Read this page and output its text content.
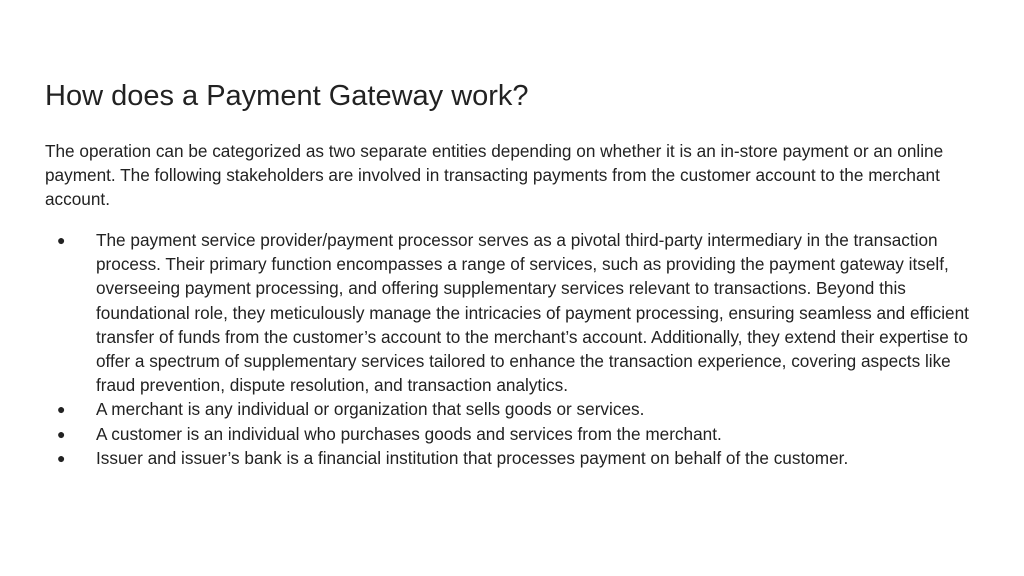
How does a Payment Gateway work?

The operation can be categorized as two separate entities depending on whether it is an in-store payment or an online payment. The following stakeholders are involved in transacting payments from the customer account to the merchant account.

● The payment service provider/payment processor serves as a pivotal third-party intermediary in the transaction process. Their primary function encompasses a range of services, such as providing the payment gateway itself, overseeing payment processing, and offering supplementary services relevant to transactions. Beyond this foundational role, they meticulously manage the intricacies of payment processing, ensuring seamless and efficient transfer of funds from the customer’s account to the merchant’s account. Additionally, they extend their expertise to offer a spectrum of supplementary services tailored to enhance the transaction experience, covering aspects like fraud prevention, dispute resolution, and transaction analytics.
● A merchant is any individual or organization that sells goods or services.
● A customer is an individual who purchases goods and services from the merchant.
● Issuer and issuer’s bank is a financial institution that processes payment on behalf of the customer.
